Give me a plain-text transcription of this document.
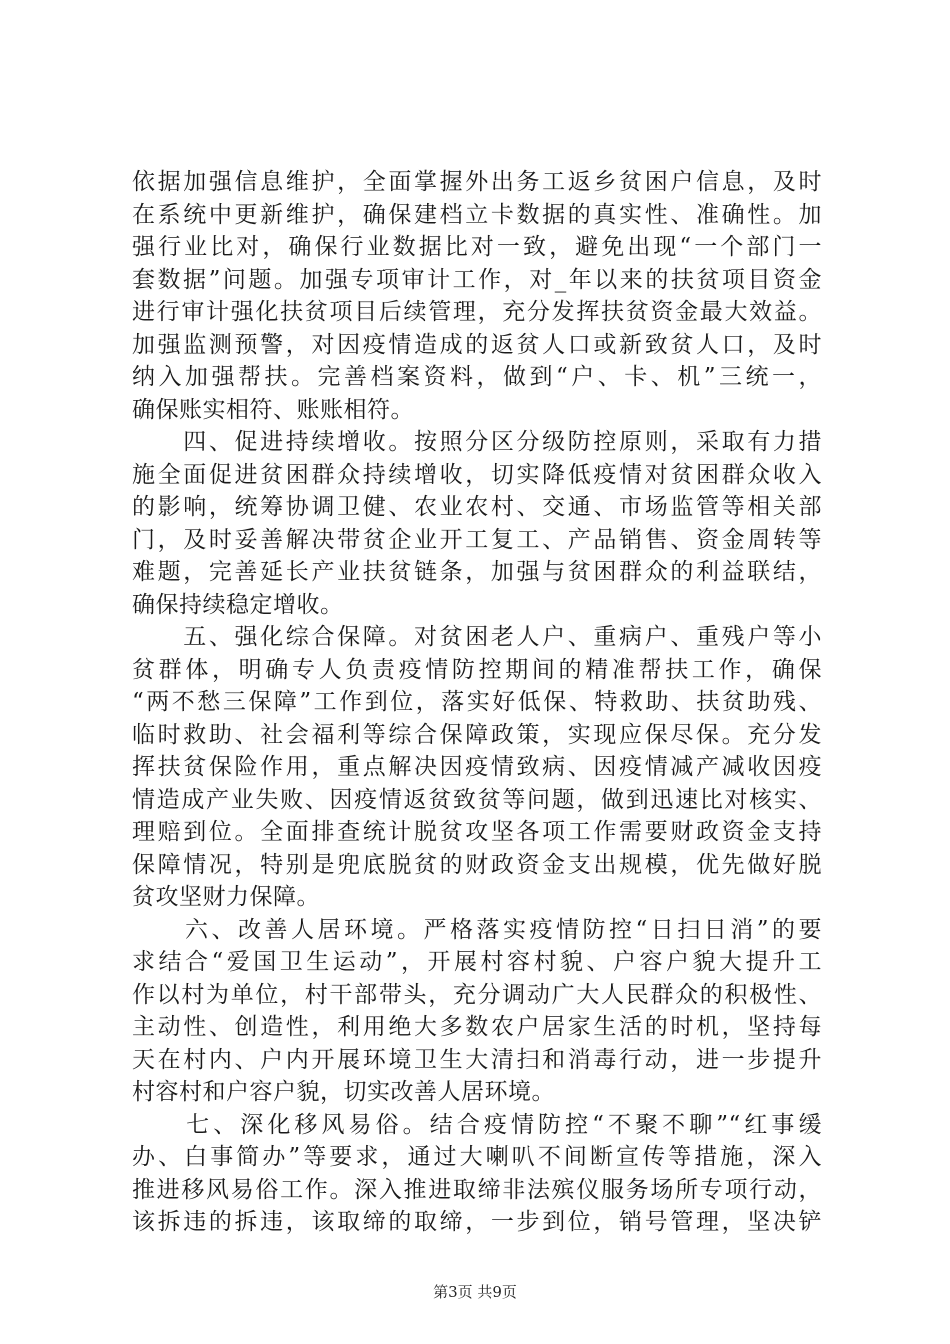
依据加强信息维护，全面掌握外出务工返乡贫困户信息，及时
在系统中更新维护，确保建档立卡数据的真实性、准确性。加
强行业比对，确保行业数据比对一致，避免出现“一个部门一
套数据”问题。加强专项审计工作，对_年以来的扶贫项目资金
进行审计强化扶贫项目后续管理，充分发挥扶贫资金最大效益。
加强监测预警，对因疫情造成的返贫人口或新致贫人口，及时
纳入加强帮扶。完善档案资料，做到“户、卡、机”三统一，
确保账实相符、账账相符。
　　四、促进持续增收。按照分区分级防控原则，采取有力措
施全面促进贫困群众持续增收，切实降低疫情对贫困群众收入
的影响，统筹协调卫健、农业农村、交通、市场监管等相关部
门，及时妥善解决带贫企业开工复工、产品销售、资金周转等
难题，完善延长产业扶贫链条，加强与贫困群众的利益联结，
确保持续稳定增收。
　　五、强化综合保障。对贫困老人户、重病户、重残户等小
贫群体，明确专人负责疫情防控期间的精准帮扶工作，确保
“两不愁三保障”工作到位，落实好低保、特救助、扶贫助残、
临时救助、社会福利等综合保障政策，实现应保尽保。充分发
挥扶贫保险作用，重点解决因疫情致病、因疫情减产减收因疫
情造成产业失败、因疫情返贫致贫等问题，做到迅速比对核实、
理赔到位。全面排查统计脱贫攻坚各项工作需要财政资金支持
保障情况，特别是兜底脱贫的财政资金支出规模，优先做好脱
贫攻坚财力保障。
　　六、改善人居环境。严格落实疫情防控“日扫日消”的要
求结合“爱国卫生运动”，开展村容村貌、户容户貌大提升工
作以村为单位，村干部带头，充分调动广大人民群众的积极性、
主动性、创造性，利用绝大多数农户居家生活的时机，坚持每
天在村内、户内开展环境卫生大清扫和消毒行动，进一步提升
村容村和户容户貌，切实改善人居环境。
　　七、深化移风易俗。结合疫情防控“不聚不聊”“红事缓
办、白事简办”等要求，通过大喇叭不间断宣传等措施，深入
推进移风易俗工作。深入推进取缔非法殡仪服务场所专项行动，
该拆违的拆违，该取缔的取缔，一步到位，销号管理，坚决铲
第3页 共9页
